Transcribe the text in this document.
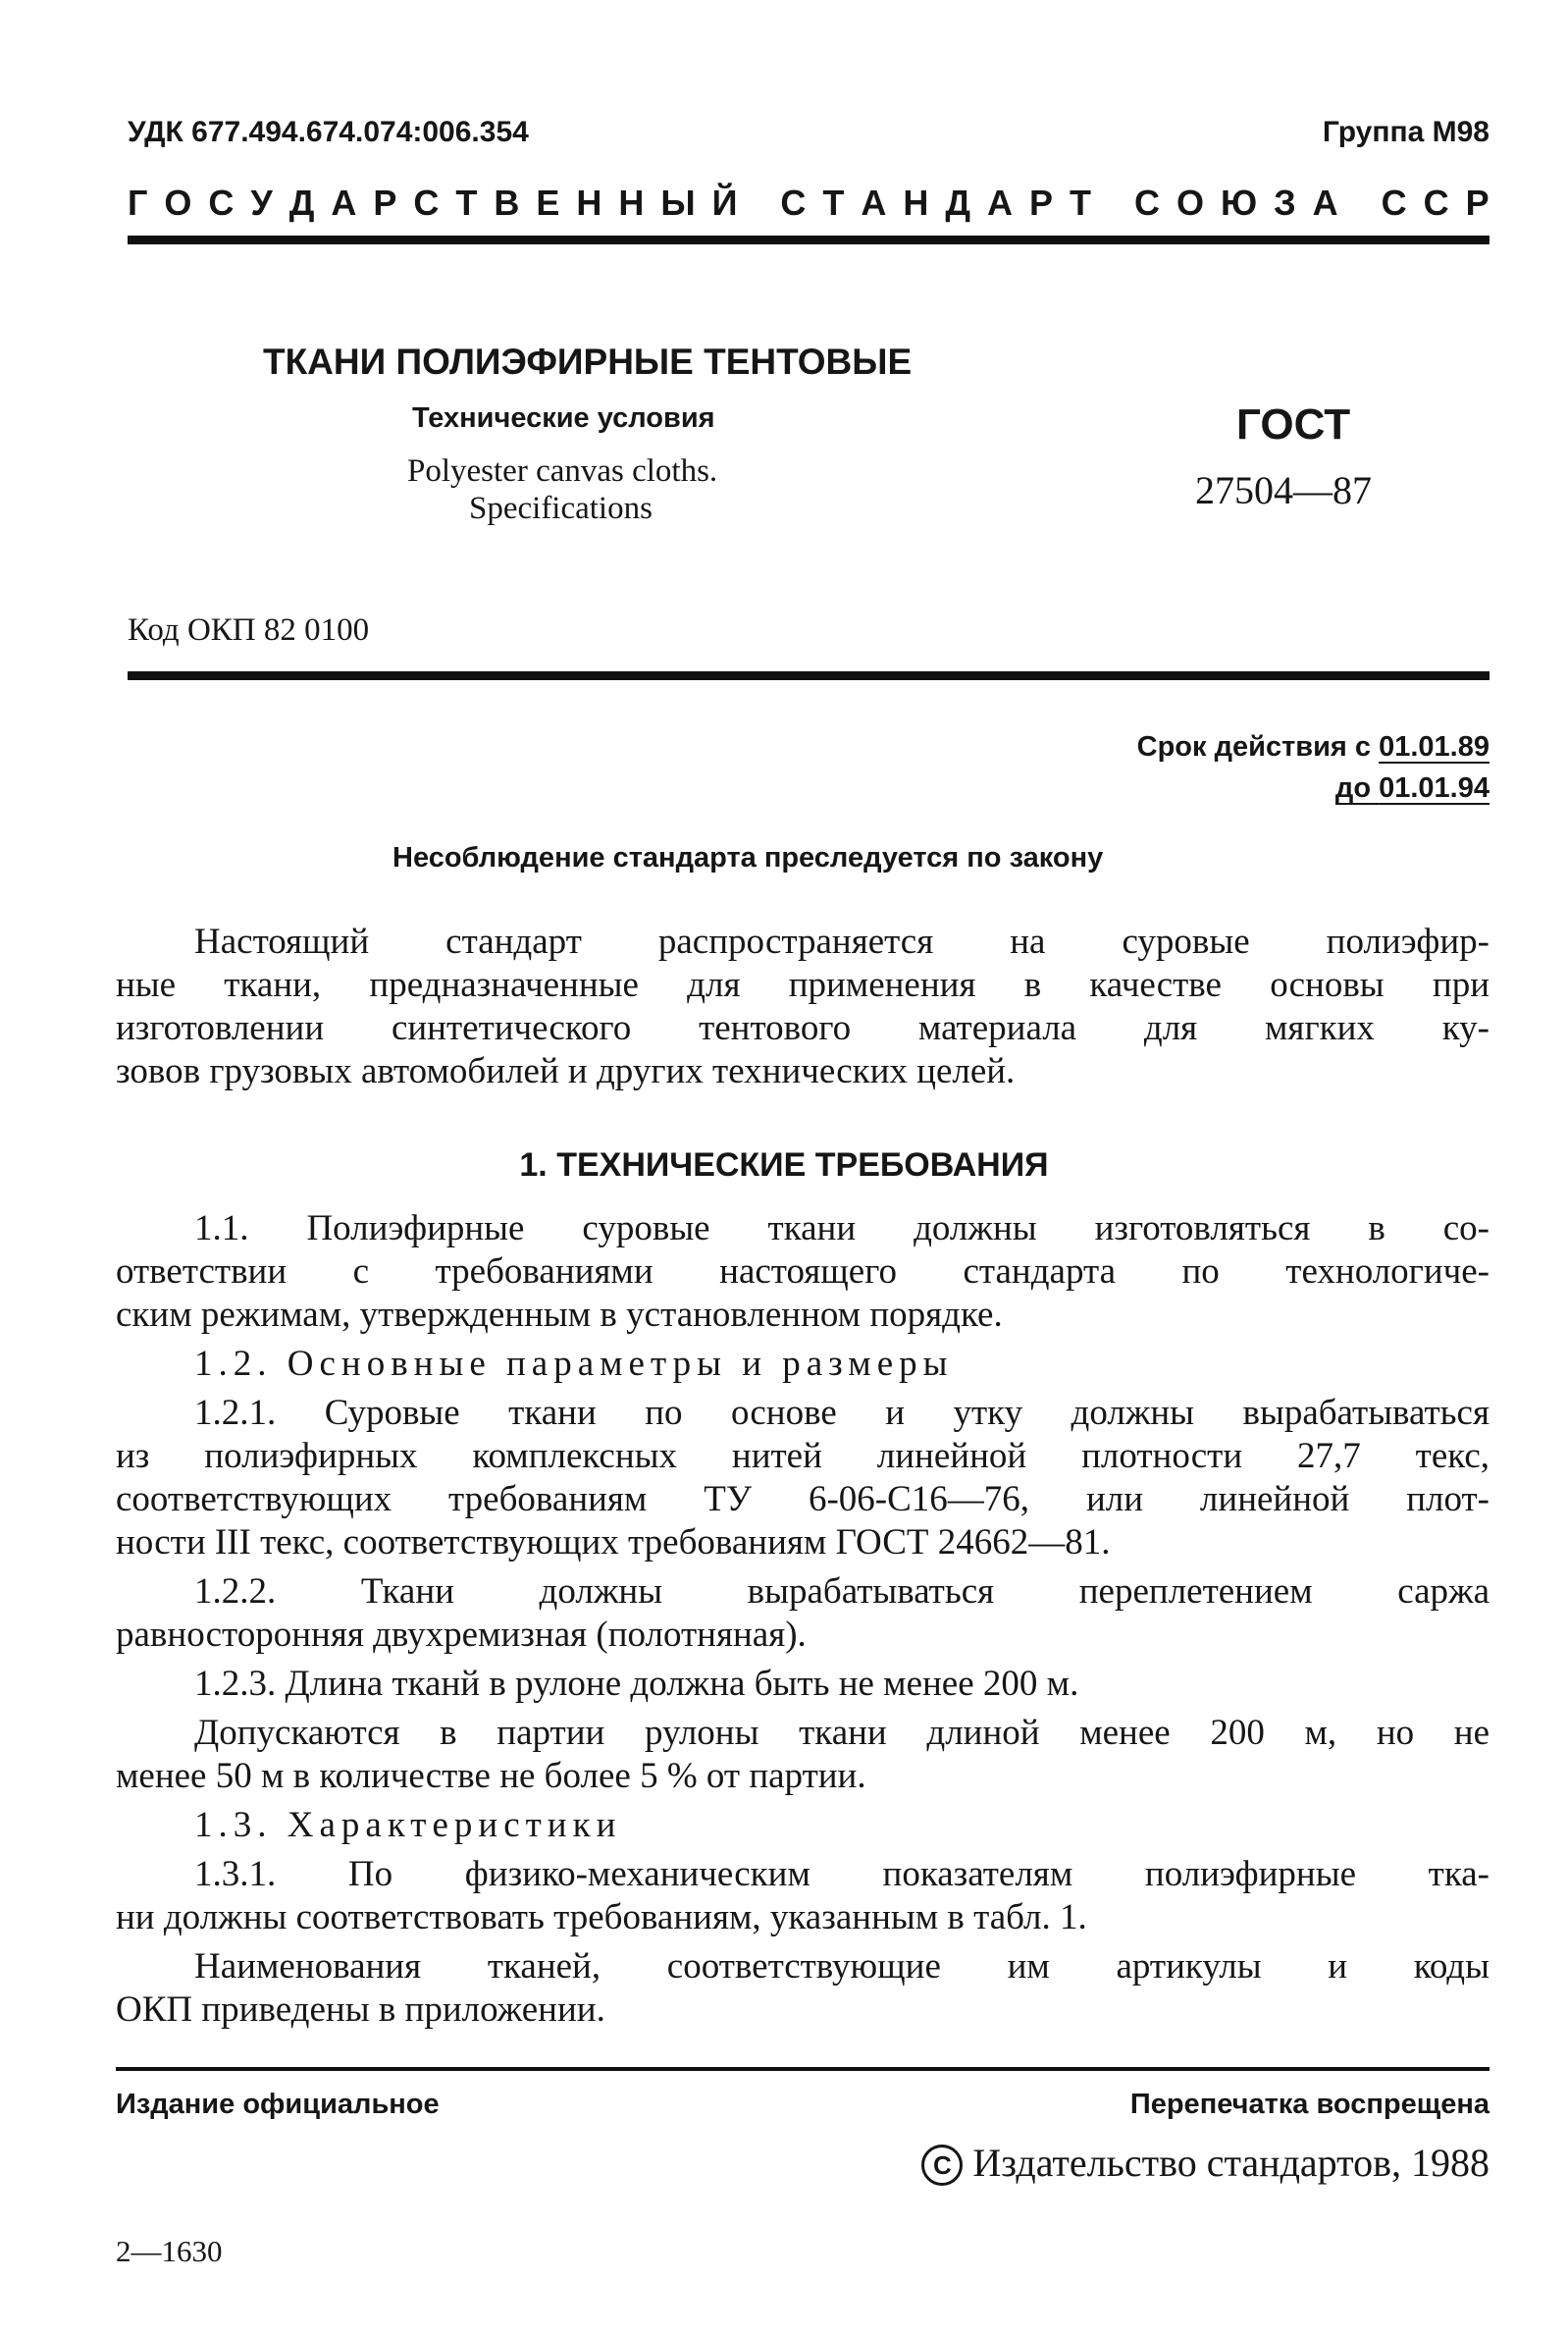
УДК 677.494.674.074:006.354	Группа М98
Г О С У Д А Р С Т В Е Н Н Ы Й
С Т А Н Д А Р Т
С О Ю З А
С С Р
ТКАНИ ПОЛИЭФИРНЫЕ ТЕНТОВЫЕ
Технические условия
Polyester canvas cloths.
Specifications
ГОСТ
27504—87
Код ОКП 82 0100
Срок действия с 01.01.89
до 01.01.94
Несоблюдение стандарта преследуется по закону
Настоящий стандарт распространяется на суровые полиэфир-
ные ткани, предназначенные для применения в качестве основы при
изготовлении синтетического тентового материала для мягких ку-
зовов грузовых автомобилей и других технических целей.
1. ТЕХНИЧЕСКИЕ ТРЕБОВАНИЯ
1.1. Полиэфирные суровые ткани должны изготовляться в со-
ответствии с требованиями настоящего стандарта по технологиче-
ским режимам, утвержденным в установленном порядке.
1.2. Основные параметры и размеры
1.2.1. Суровые ткани по основе и утку должны вырабатываться
из полиэфирных комплексных нитей линейной плотности 27,7 текс,
соответствующих требованиям ТУ 6-06-С16—76, или линейной плот-
ности III текс, соответствующих требованиям ГОСТ 24662—81.
1.2.2. Ткани должны вырабатываться переплетением саржа
равносторонняя двухремизная (полотняная).
1.2.3. Длина тканй в рулоне должна быть не менее 200 м.
Допускаются в партии рулоны ткани длиной менее 200 м, но не
менее 50 м в количестве не более 5 % от партии.
1.3. Характеристики
1.3.1. По физико-механическим показателям полиэфирные тка-
ни должны соответствовать требованиям, указанным в табл. 1.
Наименования тканей, соответствующие им артикулы и коды
ОКП приведены в приложении.
Издание официальное	Перепечатка воспрещена
C Издательство стандартов, 1988
2—1630
